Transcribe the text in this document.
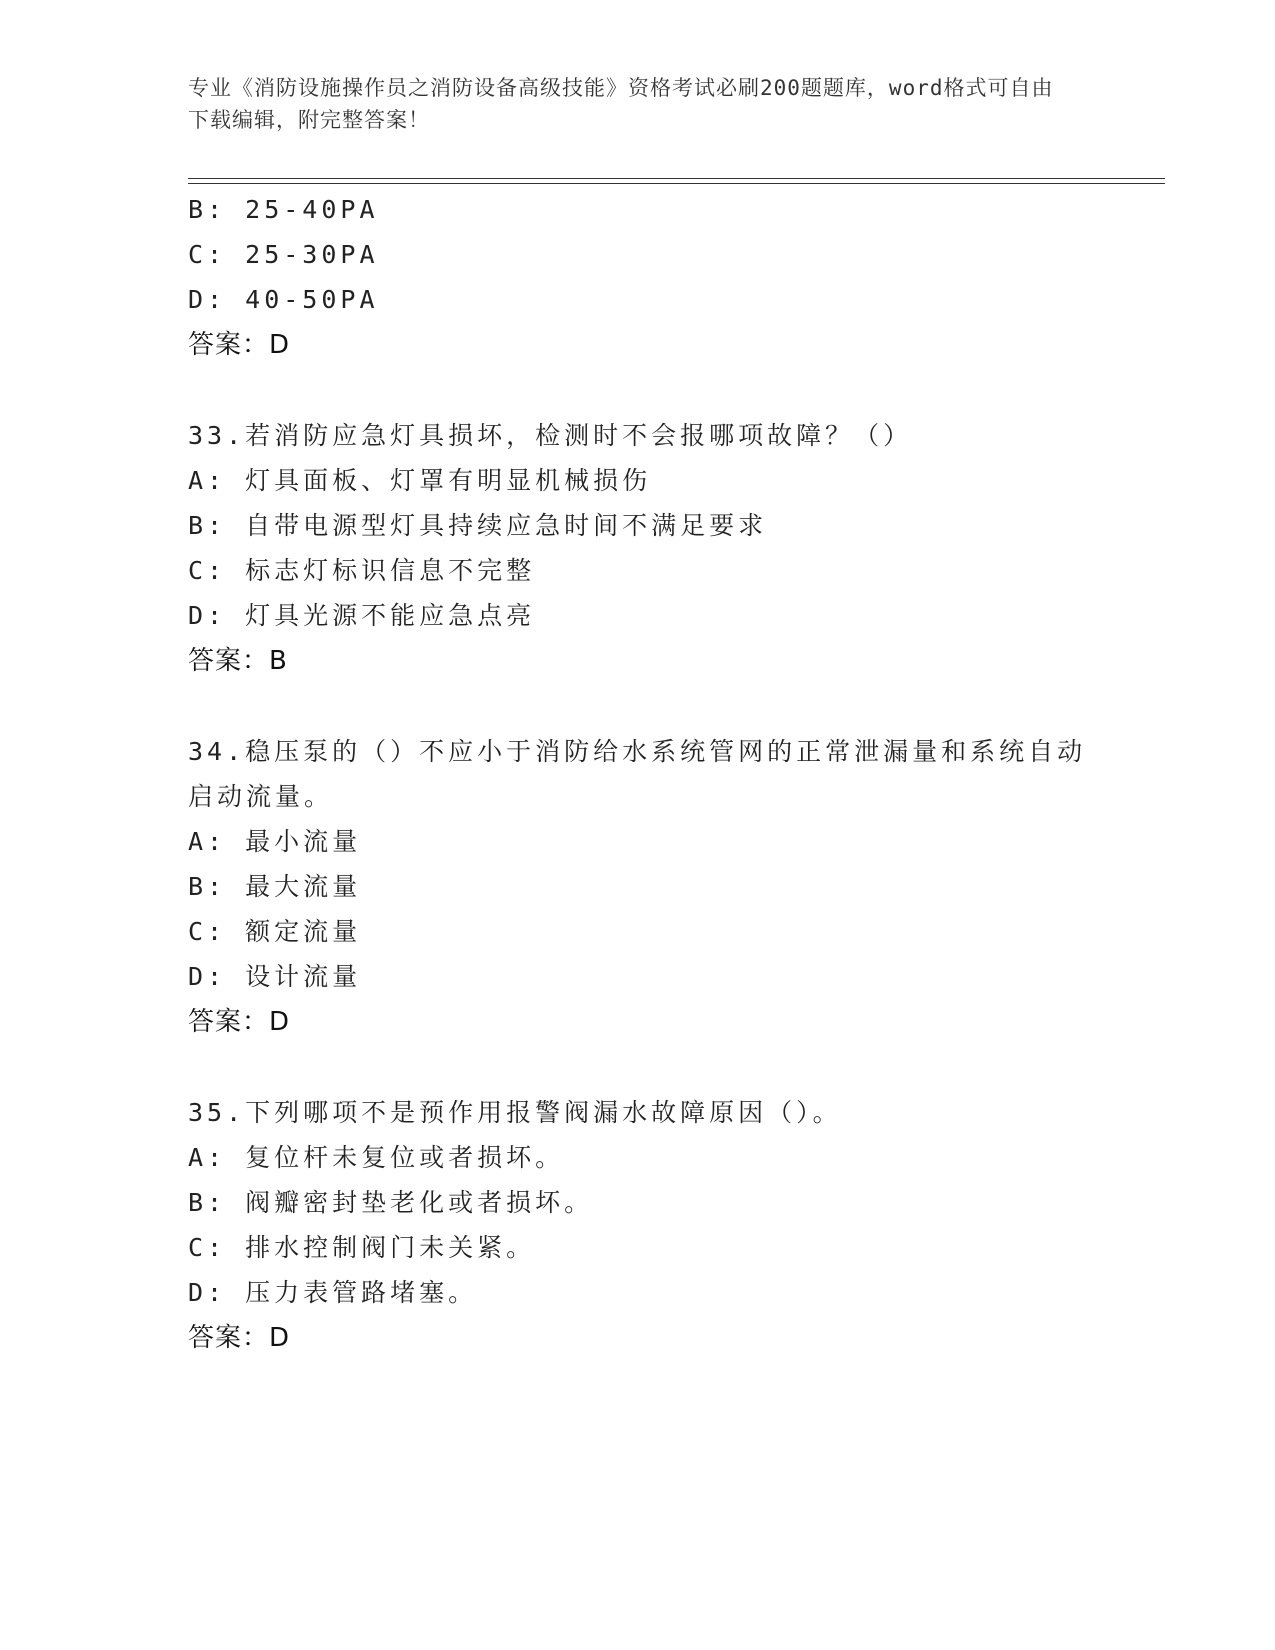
专业《消防设施操作员之消防设备高级技能》资格考试必刷200题题库，word格式可自由下载编辑，附完整答案！
B: 25-40PA
C: 25-30PA
D: 40-50PA
答案：D
33.若消防应急灯具损坏，检测时不会报哪项故障？（）
A: 灯具面板、灯罩有明显机械损伤
B: 自带电源型灯具持续应急时间不满足要求
C: 标志灯标识信息不完整
D: 灯具光源不能应急点亮
答案：B
34.稳压泵的（）不应小于消防给水系统管网的正常泄漏量和系统自动
启动流量。
A: 最小流量
B: 最大流量
C: 额定流量
D: 设计流量
答案：D
35.下列哪项不是预作用报警阀漏水故障原因（）。
A: 复位杆未复位或者损坏。
B: 阀瓣密封垫老化或者损坏。
C: 排水控制阀门未关紧。
D: 压力表管路堵塞。
答案：D
